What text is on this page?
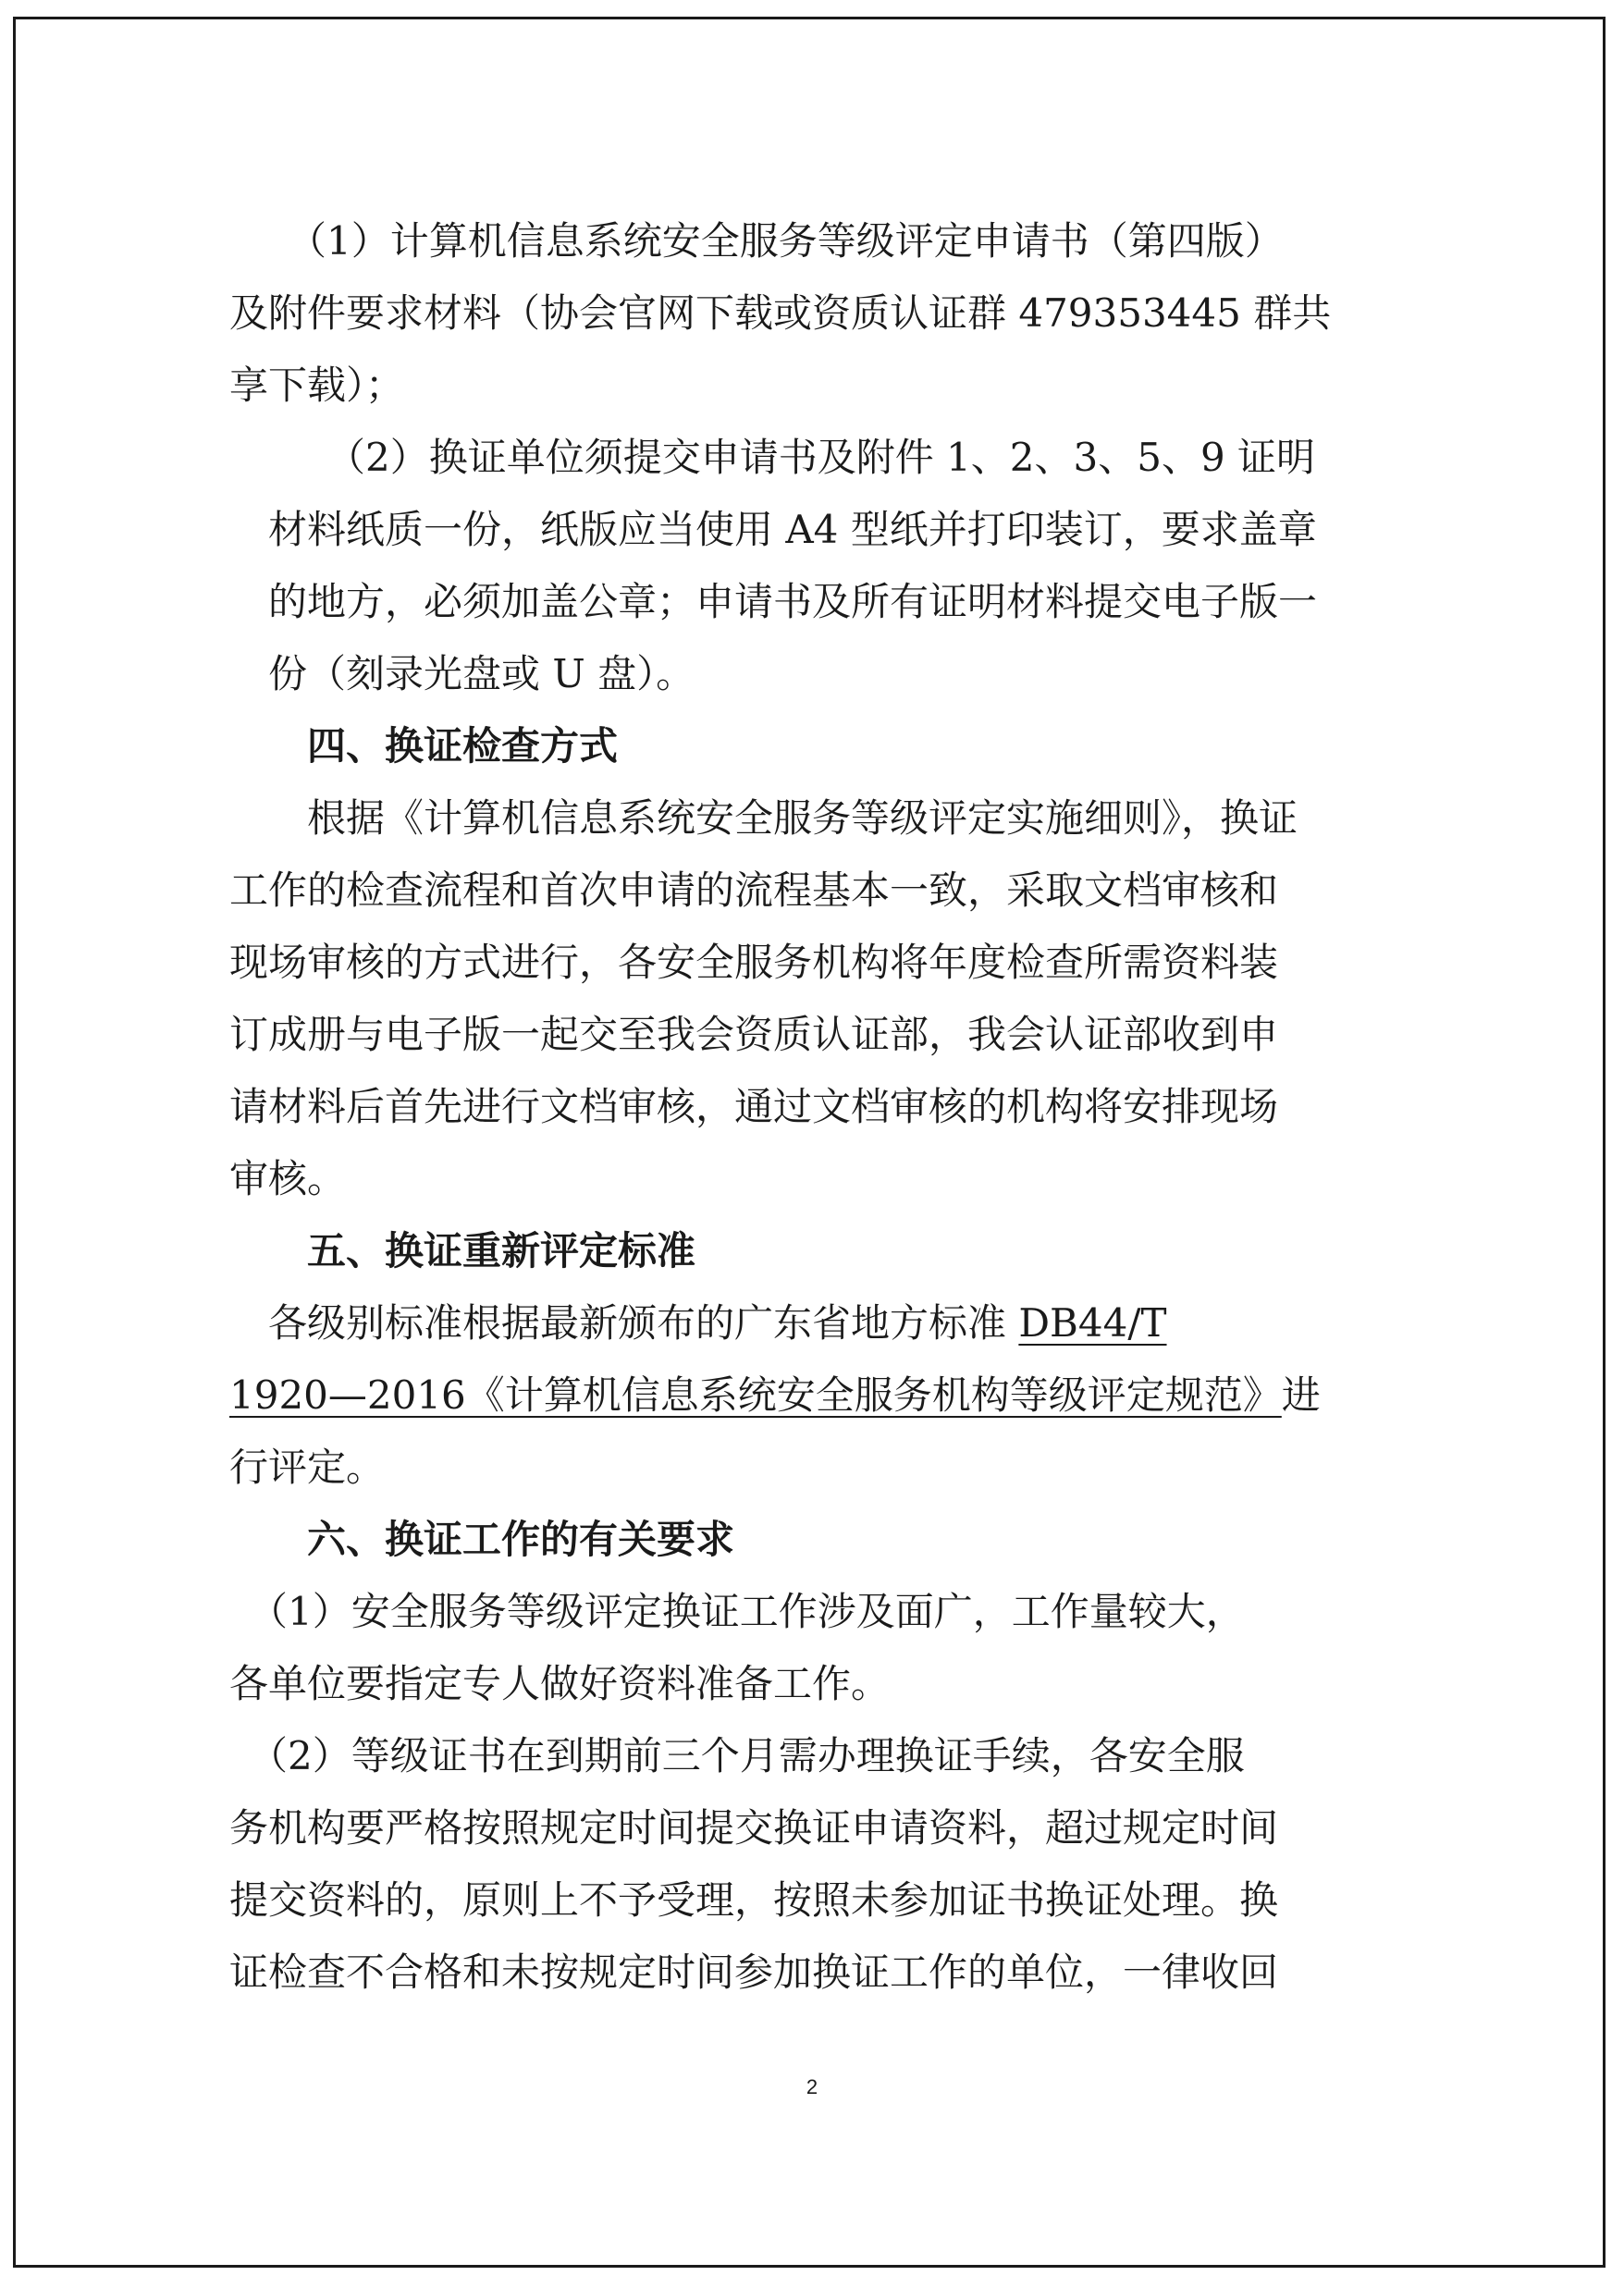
　　（1）计算机信息系统安全服务等级评定申请书（第四版）
及附件要求材料（协会官网下载或资质认证群 479353445 群共
享下载）；
　　　（2）换证单位须提交申请书及附件 1、2、3、5、9 证明
　材料纸质一份，纸版应当使用 A4 型纸并打印装订，要求盖章
　的地方，必须加盖公章；申请书及所有证明材料提交电子版一
　份（刻录光盘或 U 盘）。
　　四、换证检查方式
　　根据《计算机信息系统安全服务等级评定实施细则》，换证
工作的检查流程和首次申请的流程基本一致，采取文档审核和
现场审核的方式进行，各安全服务机构将年度检查所需资料装
订成册与电子版一起交至我会资质认证部，我会认证部收到申
请材料后首先进行文档审核，通过文档审核的机构将安排现场
审核。
　　五、换证重新评定标准
　各级别标准根据最新颁布的广东省地方标准 DB44/T
1920—2016《计算机信息系统安全服务机构等级评定规范》进
行评定。
　　六、换证工作的有关要求
　（1）安全服务等级评定换证工作涉及面广，工作量较大，
各单位要指定专人做好资料准备工作。
　（2）等级证书在到期前三个月需办理换证手续，各安全服
务机构要严格按照规定时间提交换证申请资料，超过规定时间
提交资料的，原则上不予受理，按照未参加证书换证处理。换
证检查不合格和未按规定时间参加换证工作的单位，一律收回
2
